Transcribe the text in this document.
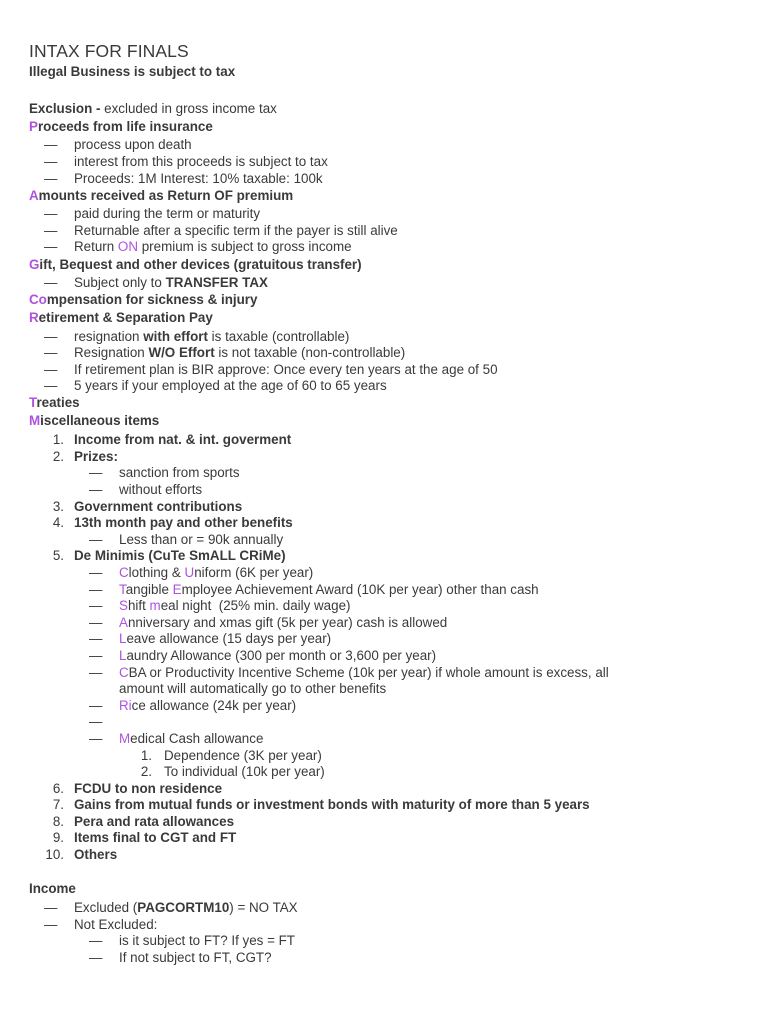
INTAX FOR FINALS
Illegal Business is subject to tax
Exclusion - excluded in gross income tax
Proceeds from life insurance
— process upon death
— interest from this proceeds is subject to tax
— Proceeds: 1M Interest: 10% taxable: 100k
Amounts received as Return OF premium
— paid during the term or maturity
— Returnable after a specific term if the payer is still alive
— Return ON premium is subject to gross income
Gift, Bequest and other devices (gratuitous transfer)
— Subject only to TRANSFER TAX
Compensation for sickness & injury
Retirement & Separation Pay
— resignation with effort is taxable (controllable)
— Resignation W/O Effort is not taxable (non-controllable)
— If retirement plan is BIR approve: Once every ten years at the age of 50
— 5 years if your employed at the age of 60 to 65 years
Treaties
Miscellaneous items
1. Income from nat. & int. goverment
2. Prizes:
— sanction from sports
— without efforts
3. Government contributions
4. 13th month pay and other benefits
— Less than or = 90k annually
5. De Minimis (CuTe SmALL CRiMe)
— Clothing & Uniform (6K per year)
— Tangible Employee Achievement Award (10K per year) other than cash
— Shift meal night  (25% min. daily wage)
— Anniversary and xmas gift (5k per year) cash is allowed
— Leave allowance (15 days per year)
— Laundry Allowance (300 per month or 3,600 per year)
— CBA or Productivity Incentive Scheme (10k per year) if whole amount is excess, all
amount will automatically go to other benefits
— Rice allowance (24k per year)
—
— Medical Cash allowance
1. Dependence (3K per year)
2. To individual (10k per year)
6. FCDU to non residence
7. Gains from mutual funds or investment bonds with maturity of more than 5 years
8. Pera and rata allowances
9. Items final to CGT and FT
10. Others
Income
— Excluded (PAGCORTM10) = NO TAX
— Not Excluded:
— is it subject to FT? If yes = FT
— If not subject to FT, CGT?
